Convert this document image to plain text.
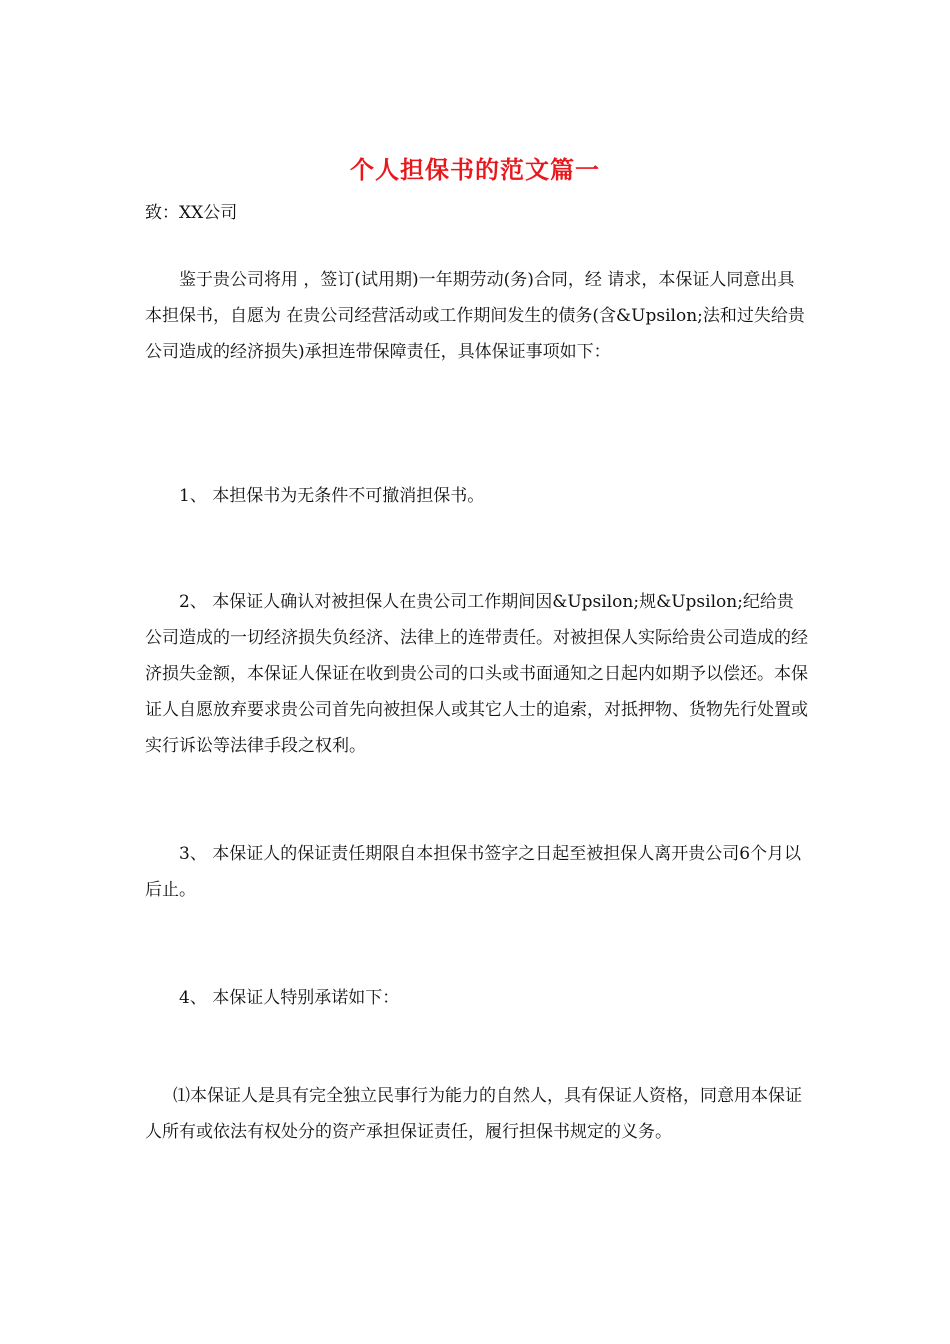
个人担保书的范文篇一

致：XX公司

鉴于贵公司将用 ，签订(试用期)一年期劳动(务)合同，经 请求，本保证人同意出具本担保书，自愿为 在贵公司经营活动或工作期间发生的债务(含&Upsilon;法和过失给贵公司造成的经济损失)承担连带保障责任，具体保证事项如下：

1、 本担保书为无条件不可撤消担保书。

2、 本保证人确认对被担保人在贵公司工作期间因&Upsilon;规&Upsilon;纪给贵公司造成的一切经济损失负经济、法律上的连带责任。对被担保人实际给贵公司造成的经济损失金额，本保证人保证在收到贵公司的口头或书面通知之日起内如期予以偿还。本保证人自愿放弃要求贵公司首先向被担保人或其它人士的追索，对抵押物、货物先行处置或实行诉讼等法律手段之权利。

3、 本保证人的保证责任期限自本担保书签字之日起至被担保人离开贵公司6个月以后止。

4、 本保证人特别承诺如下：

⑴本保证人是具有完全独立民事行为能力的自然人，具有保证人资格，同意用本保证人所有或依法有权处分的资产承担保证责任，履行担保书规定的义务。
